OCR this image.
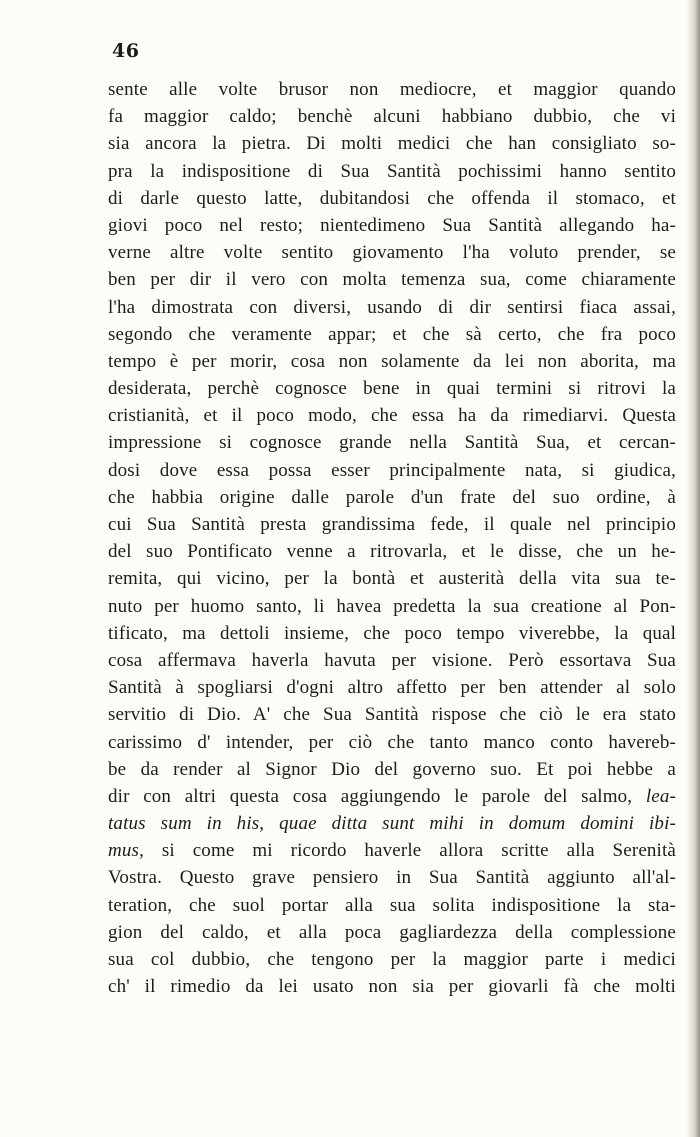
46
sente alle volte brusor non mediocre, et maggior quando
fa maggior caldo; benchè alcuni habbiano dubbio, che vi
sia ancora la pietra. Di molti medici che han consigliato so-
pra la indispositione di Sua Santità pochissimi hanno sentito
di darle questo latte, dubitandosi che offenda il stomaco, et
giovi poco nel resto; nientedimeno Sua Santità allegando ha-
verne altre volte sentito giovamento l'ha voluto prender, se
ben per dir il vero con molta temenza sua, come chiaramente
l'ha dimostrata con diversi, usando di dir sentirsi fiaca assai,
segondo che veramente appar; et che sà certo, che fra poco
tempo è per morir, cosa non solamente da lei non aborita, ma
desiderata, perchè cognosce bene in quai termini si ritrovi la
cristianità, et il poco modo, che essa ha da rimediarvi. Questa
impressione si cognosce grande nella Santità Sua, et cercan-
dosi dove essa possa esser principalmente nata, si giudica,
che habbia origine dalle parole d'un frate del suo ordine, à
cui Sua Santità presta grandissima fede, il quale nel principio
del suo Pontificato venne a ritrovarla, et le disse, che un he-
remita, qui vicino, per la bontà et austerità della vita sua te-
nuto per huomo santo, li havea predetta la sua creatione al Pon-
tificato, ma dettoli insieme, che poco tempo viverebbe, la qual
cosa affermava haverla havuta per visione. Però essortava Sua
Santità à spogliarsi d'ogni altro affetto per ben attender al solo
servitio di Dio. A' che Sua Santità rispose che ciò le era stato
carissimo d' intender, per ciò che tanto manco conto havereb-
be da render al Signor Dio del governo suo. Et poi hebbe a
dir con altri questa cosa aggiungendo le parole del salmo, lea-
tatus sum in his, quae ditta sunt mihi in domum domini ibi-
mus, si come mi ricordo haverle allora scritte alla Serenità
Vostra. Questo grave pensiero in Sua Santità aggiunto all'al-
teration, che suol portar alla sua solita indispositione la sta-
gion del caldo, et alla poca gagliardezza della complessione
sua col dubbio, che tengono per la maggior parte i medici
ch' il rimedio da lei usato non sia per giovarli fà che molti
